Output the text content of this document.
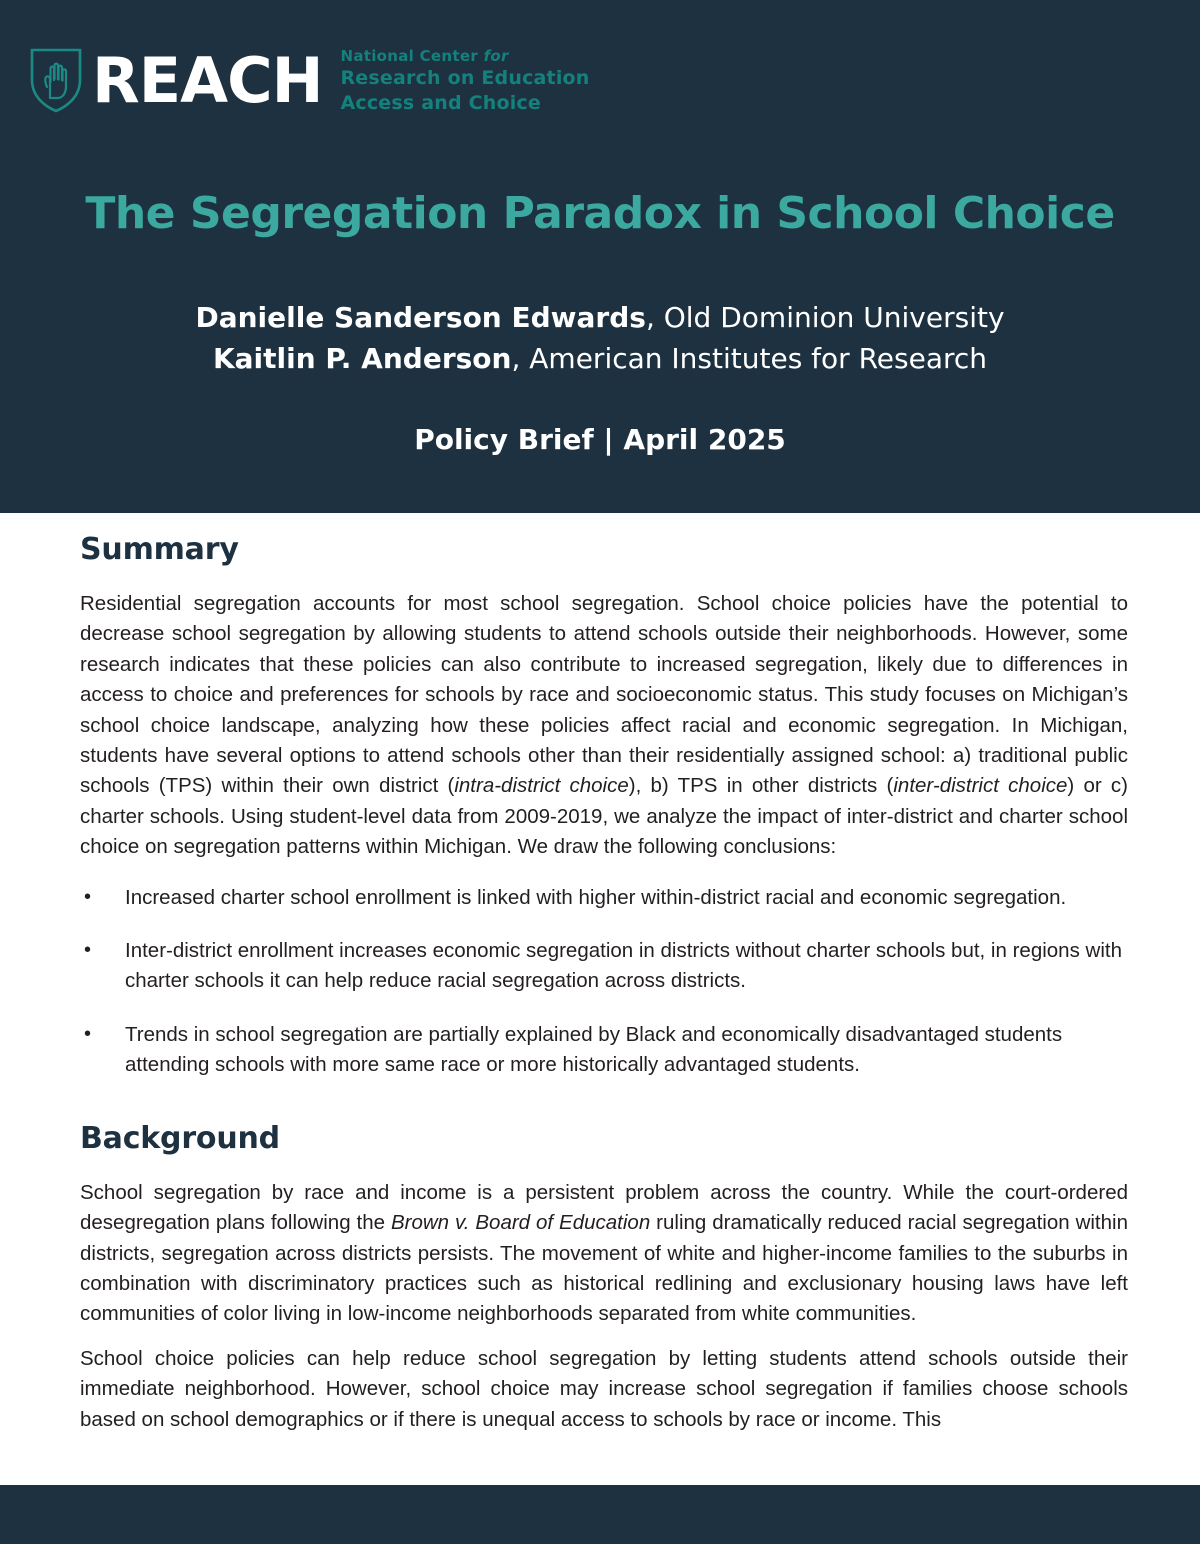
REACH National Center for
Research on Education
Access and Choice
The Segregation Paradox in School Choice
Danielle Sanderson Edwards, Old Dominion University
Kaitlin P. Anderson, American Institutes for Research
Policy Brief | April 2025
Summary

Residential segregation accounts for most school segregation. School choice policies have the potential to decrease school segregation by allowing students to attend schools outside their neighborhoods. However, some research indicates that these policies can also contribute to increased segregation, likely due to differences in access to choice and preferences for schools by race and socioeconomic status. This study focuses on Michigan’s school choice landscape, analyzing how these policies affect racial and economic segregation. In Michigan, students have several options to attend schools other than their residentially assigned school: a) traditional public schools (TPS) within their own district (intra-district choice), b) TPS in other districts (inter-district choice) or c) charter schools. Using student-level data from 2009-2019, we analyze the impact of inter-district and charter school choice on segregation patterns within Michigan. We draw the following conclusions:

• Increased charter school enrollment is linked with higher within-district racial and economic segregation.
• Inter-district enrollment increases economic segregation in districts without charter schools but, in regions with charter schools it can help reduce racial segregation across districts.
• Trends in school segregation are partially explained by Black and economically disadvantaged students attending schools with more same race or more historically advantaged students.
Background

School segregation by race and income is a persistent problem across the country. While the court-ordered desegregation plans following the Brown v. Board of Education ruling dramatically reduced racial segregation within districts, segregation across districts persists. The movement of white and higher-income families to the suburbs in combination with discriminatory practices such as historical redlining and exclusionary housing laws have left communities of color living in low-income neighborhoods separated from white communities.

School choice policies can help reduce school segregation by letting students attend schools outside their immediate neighborhood. However, school choice may increase school segregation if families choose schools based on school demographics or if there is unequal access to schools by race or income. This
